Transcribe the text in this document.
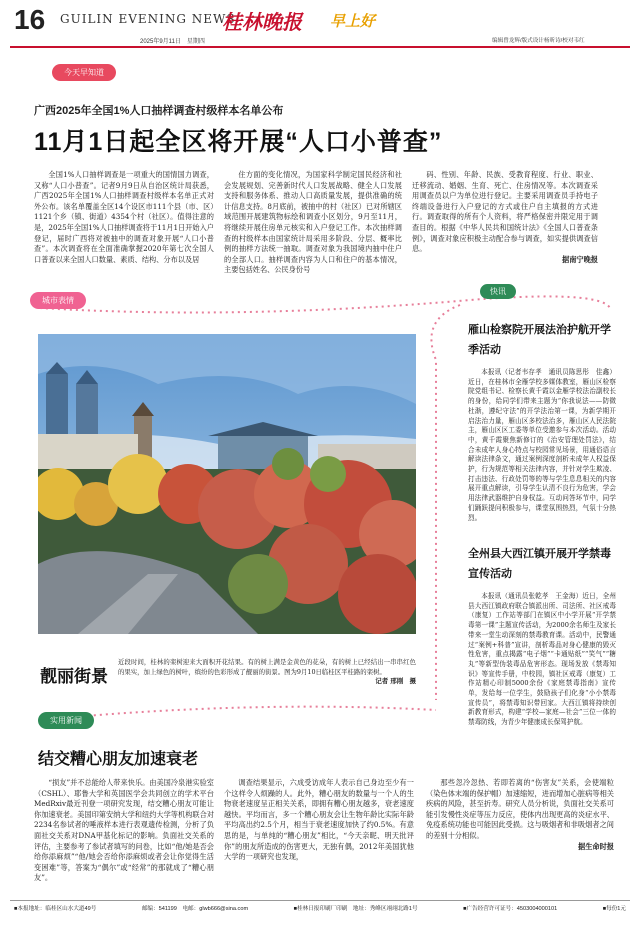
16 GUILIN EVENING NEWS
2025年9月11日　星期四
桂林晚报 早上好
编辑曾龙辉/版式设计杨昕诗/校对韦红
今天早知道
城市表情
快讯
实用新闻
广西2025年全国1%人口抽样调查村级样本名单公布
11月1日起全区将开展“人口小普查”

全国1%人口抽样调查是一项重大的国情国力调查，又称“人口小普查”。记者9月9日从自治区统计局获悉，广西2025年全国1%人口抽样调查村级样本名单正式对外公布。该名单覆盖全区14个设区市111个县（市、区）1121个乡（镇、街道）4354个村（社区）。值得注意的是，2025年全国1%人口抽样调查将于11月1日开始入户登记，届时广西将对被抽中的调查对象开展“人口小普查”。本次调查将在全面准确掌握2020年第七次全国人口普查以来全国人口数量、素质、结构、分布以及居

住方面的变化情况，为国家科学制定国民经济和社会发展规划、完善新时代人口发展战略、健全人口发展支持和服务体系、推动人口高质量发展，提供准确的统计信息支持。8月底前，被抽中的村（社区）已对所辖区域范围开展建筑物标绘和调查小区划分，9月至11月，将继续开展住房单元核实和入户登记工作。本次抽样调查的村级样本由国家统计局采用多阶段、分层、概率比例的抽样方法统一抽取。调查对象为我国境内抽中住户的全部人口。抽样调查内容为人口和住户的基本情况，主要包括姓名、公民身份号

码、性别、年龄、民族、受教育程度、行业、职业、迁移流动、婚姻、生育、死亡、住房情况等。本次调查采用调查员以户为单位进行登记。主要采用调查员手持电子终端设备进行入户登记的方式或住户自主填报的方式进行。调查取得的所有个人资料，将严格保密并限定用于调查目的。根据《中华人民共和国统计法》《全国人口普查条例》，调查对象应积极主动配合参与调查，如实提供调查信息。

据南宁晚报
靓丽街景
近段时间，桂林的栾树迎来大面积开花结果。有的树上满是金黄色的花朵，有的树上已经结出一串串红色的果实，加上绿色的树叶，缤纷的色彩形成了靓丽的街景。图为9月10日临桂区平桂路的栾树。
记者 邢刚　摄
雁山检察院开展法治护航开学季活动

本报讯（记者韦存孝　通讯员陈思彤　佳鑫）近日，在桂林市全雁学校多媒体教室，雁山区检察院党组书记、检察长黄千霞以金雁学校法治副校长的身份，给同学们带来主题为“你我说法——防微杜渐，遵纪守法”的开学法治第一课，为新学期开启法治力量，雁山区多校法治多，雁山区人民法院主，雁山区区工委等单位受邀参与本次活动。活动中，黄千霞聚焦新修订的《治安管理处罚法》，结合未成年人身心特点与校园常见场景，用通俗语言解读法律条文，通过案例深度剖析未成年人权益保护，行为规范等相关法律内容，并针对学生欺凌、打击违法、行政处罚等的等与学生息息相关的内容展开重点解读，引导学生认清不良行为危害，学会用法律武器维护自身权益。互动问答环节中，同学们踊跃提问积极参与，课堂氛围热烈，气氛十分热烈。

全州县大西江镇开展开学禁毒宣传活动

本报讯（通讯员张乾孝　王金海）近日，全州县大西江镇政府联合镇派出所、司法所、社区戒毒（康复）工作站等部门在镇区中小学开展“开学禁毒第一课”主题宣传活动，为2000余名师生及家长带来一堂生动深刻的禁毒教育课。活动中，民警通过“案例+科普”宣讲，剖析毒品对身心健康的毁灭性危害，重点揭露“电子烟”“卡通贴纸”“笑气”“糖丸”等新型伪装毒品危害形态。现场发放《禁毒知识》等宣传手册，中校园，镇社区戒毒（康复）工作站精心印制5000余份《家庭禁毒指南》宣传单，发给每一位学生，鼓励孩子们化身“小小禁毒宣传员”，将禁毒知识带回家。大西江镇将持续创新教育形式，构建“学校—家庭—社会”三位一体的禁毒防线，为青少年健康成长保驾护航。

结交糟心朋友加速衰老

“损友”并不总能给人带来快乐。由美国冷泉港实验室（CSHL）、耶鲁大学和英国医学会共同创立的学术平台MedRxiv最近刊登一项研究发现，结交糟心朋友可能让你加速衰老。美国印第安纳大学和纽约大学等机构联合对2234名参试者的唾液样本进行表观遗传检测，分析了负面社交关系对DNA甲基化标记的影响。负面社交关系的评估，主要参考了参试者填写的问卷，比如“他/她是否会给你添麻烦”“他/她会否给你添麻烦或者会让你觉得生活变困难”等，答案为“偶尔”或“经常”的那就成了“糟心朋友”。

调查结果显示，六成受访成年人表示自己身边至少有一个这样令人烦躁的人。此外，糟心朋友的数量与一个人的生物衰老速度呈正相关关系，即拥有糟心朋友越多，衰老速度越快。平均而言，多一个糟心朋友会让生物年龄比实际年龄平均高出约2.5个月，相当于衰老速度加快了约0.5%。有意思的是，与单纯的“糟心朋友”相比，“今天亲昵、明天批评你”的朋友所造成的伤害更大，无独有偶，2012年美国犹他大学的一项研究也发现，

那些忽冷忽热、若即若离的“伤害友”关系，会使端粒（染色体末端的保护帽）加速缩短，进而增加心脏病等相关疾病的风险，甚至折寿。研究人员分析说，负面社交关系可能引发慢性炎症等压力反应，使体内出现更高的炎症水平、免疫系统功能也可能因此受损。这与吸烟者和非吸烟者之间的差别十分相似。

据生命时报
■本报地址：临桂区山水大道49号	邮编：541199　电邮：glwb666@sina.com	■桂林日报印刷厂印刷　地址：秀峰区翊翊北路1号	■广告经营许可证号：4503004000101	■每份1元
